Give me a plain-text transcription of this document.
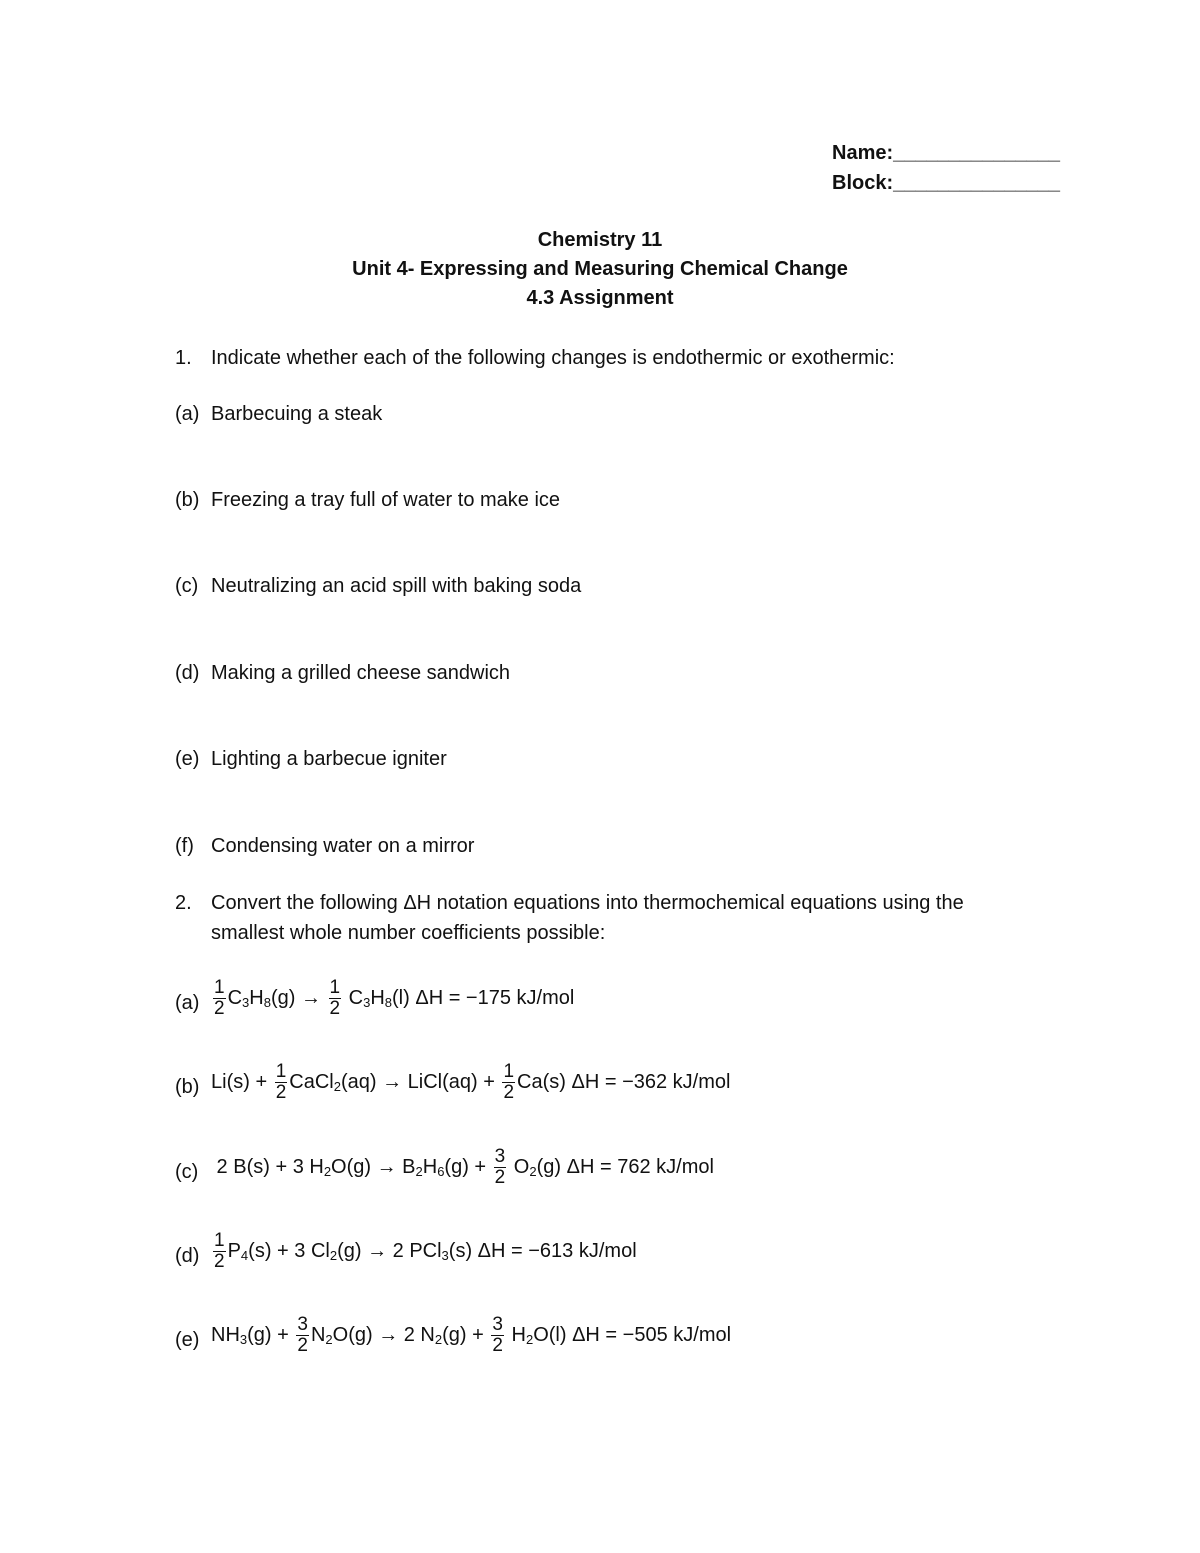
Name:_______________
Block:_______________
Chemistry 11
Unit 4- Expressing and Measuring Chemical Change
4.3 Assignment
1. Indicate whether each of the following changes is endothermic or exothermic:
(a) Barbecuing a steak
(b) Freezing a tray full of water to make ice
(c) Neutralizing an acid spill with baking soda
(d) Making a grilled cheese sandwich
(e) Lighting a barbecue igniter
(f) Condensing water on a mirror
2. Convert the following ΔH notation equations into thermochemical equations using the
smallest whole number coefficients possible:
$(a) \frac{1}{2} C_3H_8(g) \to \frac{1}{2} C_3H_8(l) \Delta H = -175$ kJ/mol
(b) $Li(s) + \frac{1}{2}$ CaCl$_2$(aq) → LiCl(aq) + $\frac{1}{2} Ca(s) \Delta H = -362$ kJ/mol
(c) 2 B(s) + 3 $H_2O(g) \to B_2H_6(g) + \frac{3}{2} O_2(g) \Delta H = 762$ kJ/mol
$(d) \frac{1}{2} P_4(s) + 3$ $Cl_2(g) \to 2$ PCl$_3$(s) ΔH = −613 kJ/mol
(e) $NH_3(g) + \frac{3}{2} N_2O(g) \to 2$ $N_2(g) + \frac{3}{2} H_2O(l) \Delta H = -505$ kJ/mol
